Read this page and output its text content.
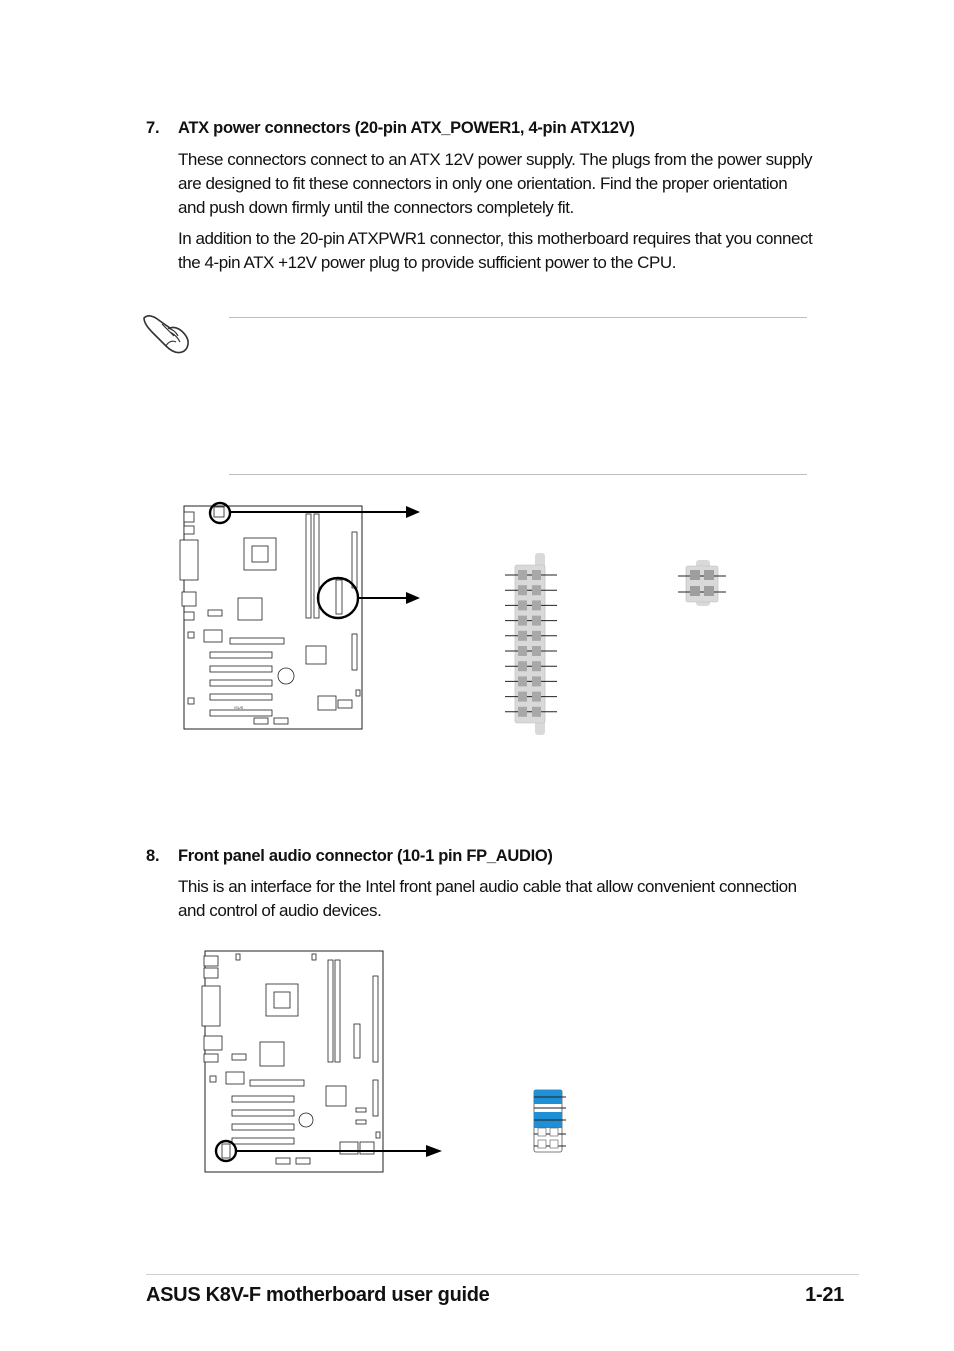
7. ATX power connectors (20-pin ATX_POWER1, 4-pin ATX12V)
These connectors connect to an ATX 12V power supply. The plugs from the power supply are designed to fit these connectors in only one orientation. Find the proper orientation and push down firmly until the connectors completely fit.
In addition to the 20-pin ATXPWR1 connector, this motherboard requires that you connect the 4-pin ATX +12V power plug to provide sufficient power to the CPU.
/SUS
8. Front panel audio connector (10-1 pin FP_AUDIO)
This is an interface for the Intel front panel audio cable that allow convenient connection and control of audio devices.
ASUS K8V-F motherboard user guide	1-21
